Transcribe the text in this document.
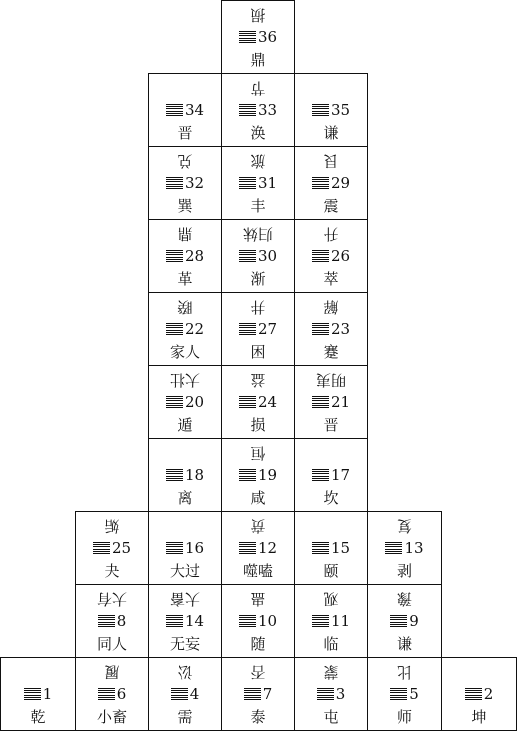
损
36
鼎
34
晋
节
33
涣
35
谦
兑
32
巽
旅
31
丰
艮
29
震
鼎
28
革
归妹
30
渐
升
26
萃
睽
22
家人
井
27
困
解
23
蹇
大壮
20
遁
益
24
损
明夷
21
晋
18
离
恒
19
咸
17
坎
姤
25
夬
16
大过
贲
12
噬嗑
15
颐
复
13
剥
大有
8
同人
大畜
14
无妄
蛊
10
随
观
11
临
豫
9
谦
1
乾
履
6
小畜
讼
4
需
否
7
泰
蒙
3
屯
比
5
师
2
坤
